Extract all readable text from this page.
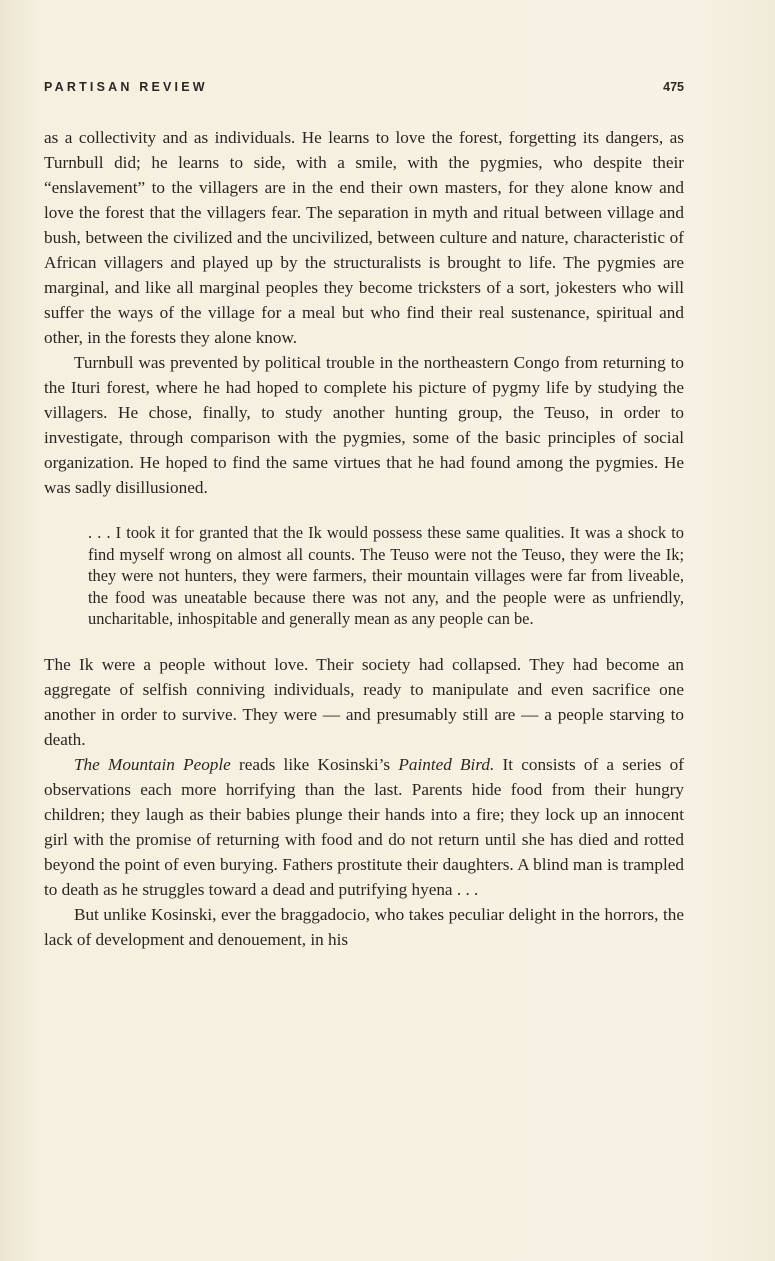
PARTISAN REVIEW	475

as a collectivity and as individuals. He learns to love the forest, forgetting its dangers, as Turnbull did; he learns to side, with a smile, with the pygmies, who despite their “enslavement” to the villagers are in the end their own masters, for they alone know and love the forest that the villagers fear. The separation in myth and ritual between village and bush, between the civilized and the uncivilized, between culture and nature, characteristic of African villagers and played up by the structuralists is brought to life. The pygmies are marginal, and like all marginal peoples they become tricksters of a sort, jokesters who will suffer the ways of the village for a meal but who find their real sustenance, spiritual and other, in the forests they alone know.

Turnbull was prevented by political trouble in the northeastern Congo from returning to the Ituri forest, where he had hoped to complete his picture of pygmy life by studying the villagers. He chose, finally, to study another hunting group, the Teuso, in order to investigate, through comparison with the pygmies, some of the basic principles of social organization. He hoped to find the same virtues that he had found among the pygmies. He was sadly disillusioned.

. . . I took it for granted that the Ik would possess these same qualities. It was a shock to find myself wrong on almost all counts. The Teuso were not the Teuso, they were the Ik; they were not hunters, they were farmers, their mountain villages were far from liveable, the food was uneatable because there was not any, and the people were as unfriendly, uncharitable, inhospitable and generally mean as any people can be.

The Ik were a people without love. Their society had collapsed. They had become an aggregate of selfish conniving individuals, ready to manipulate and even sacrifice one another in order to survive. They were — and presumably still are — a people starving to death.

The Mountain People reads like Kosinski’s Painted Bird. It consists of a series of observations each more horrifying than the last. Parents hide food from their hungry children; they laugh as their babies plunge their hands into a fire; they lock up an innocent girl with the promise of returning with food and do not return until she has died and rotted beyond the point of even burying. Fathers prostitute their daughters. A blind man is trampled to death as he struggles toward a dead and putrifying hyena . . .

But unlike Kosinski, ever the braggadocio, who takes peculiar delight in the horrors, the lack of development and denouement, in his
